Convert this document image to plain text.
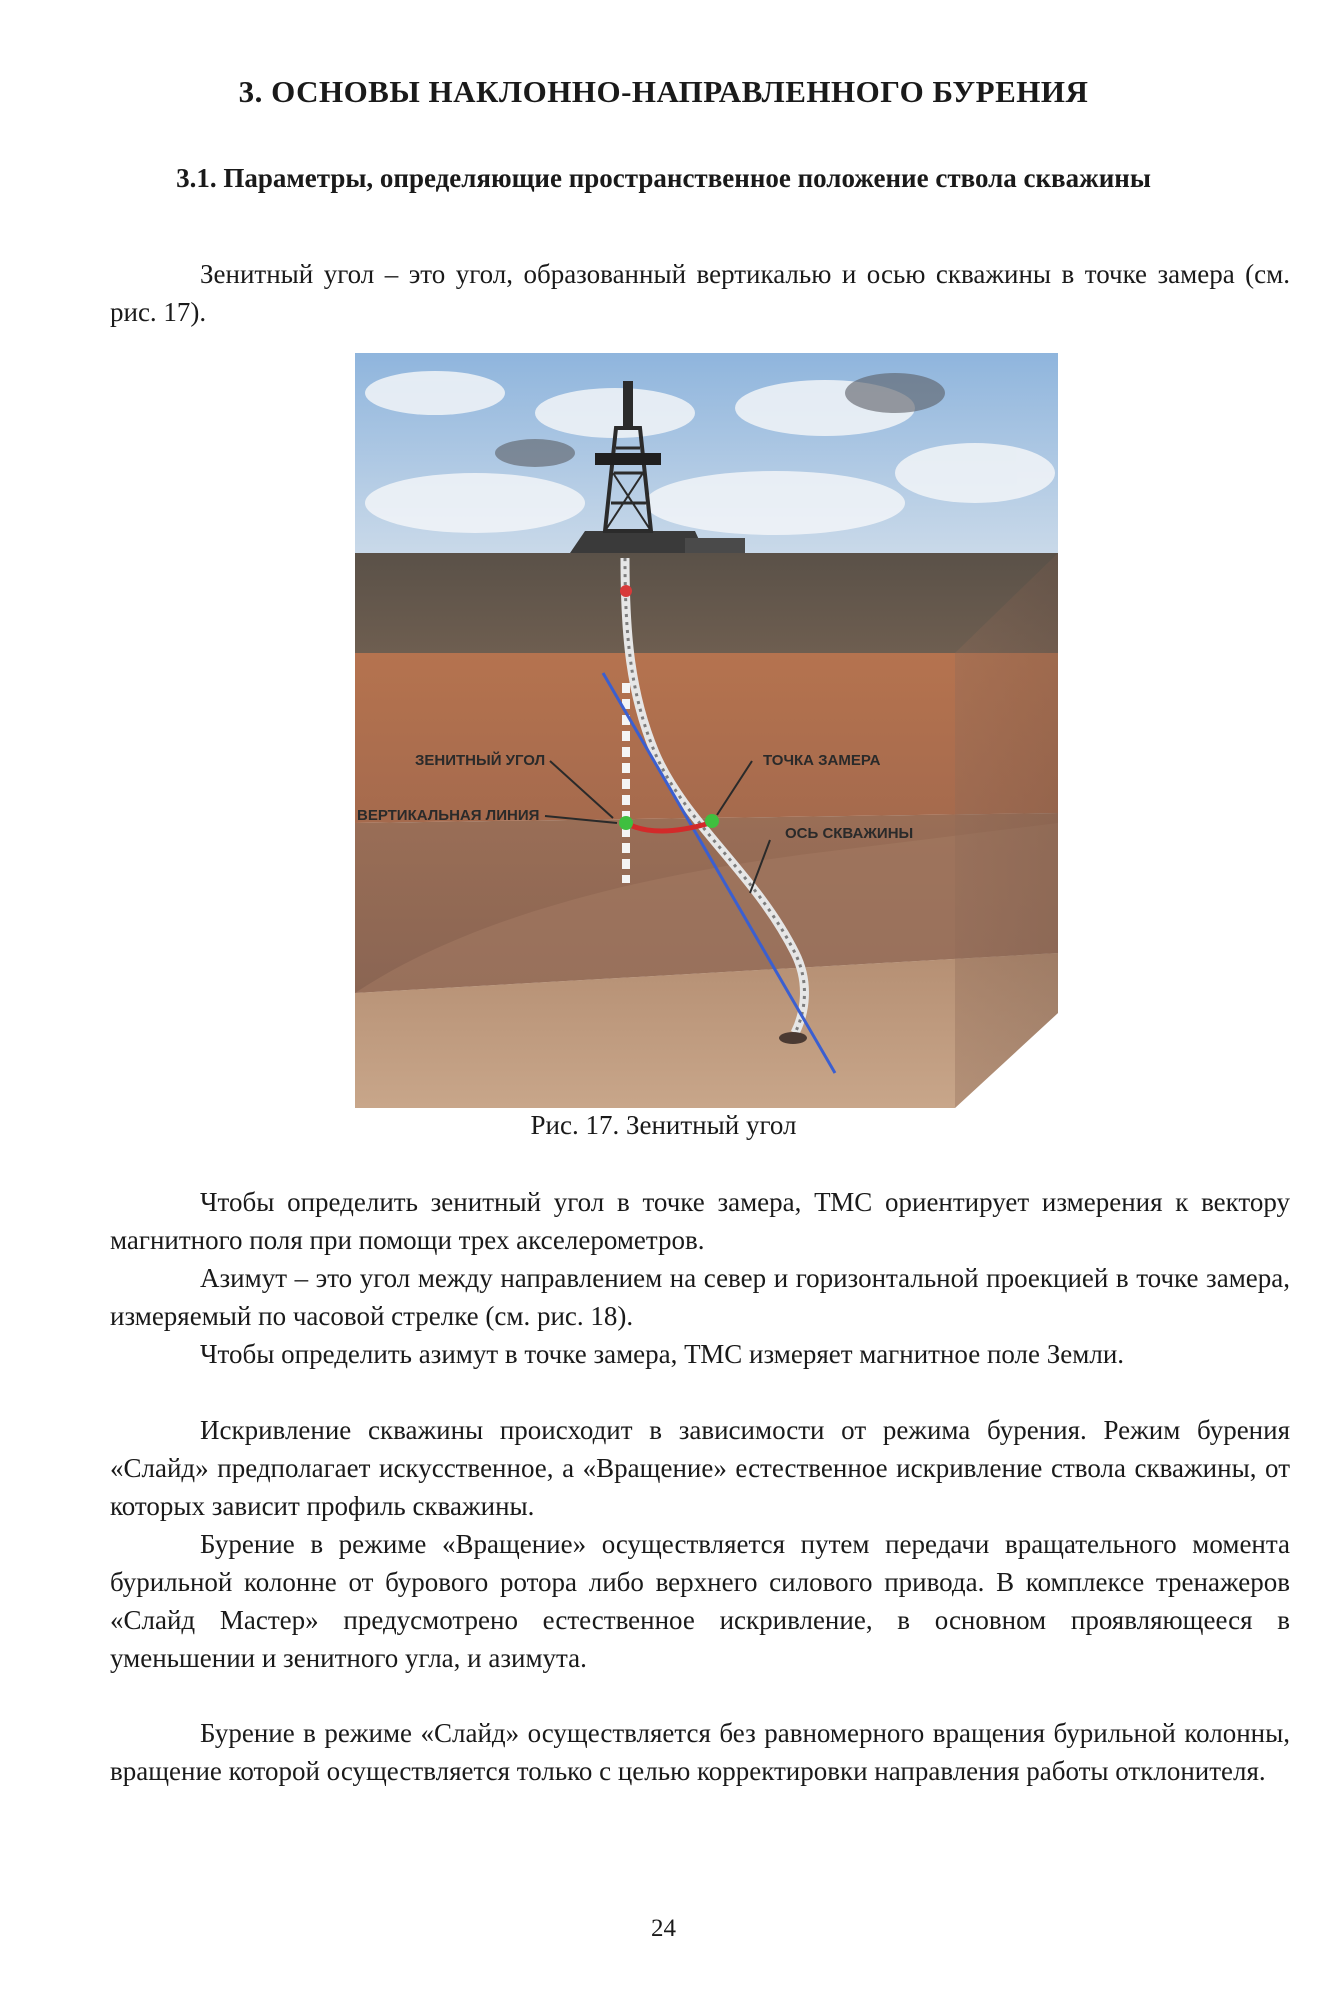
3. ОСНОВЫ НАКЛОННО-НАПРАВЛЕННОГО БУРЕНИЯ
3.1. Параметры, определяющие пространственное положение ствола скважины

Зенитный угол – это угол, образованный вертикалью и осью скважины в точке замера (см. рис. 17).

ЗЕНИТНЫЙ УГОЛ
ВЕРТИКАЛЬНАЯ ЛИНИЯ
ТОЧКА ЗАМЕРА
ОСЬ СКВАЖИНЫ
Рис. 17. Зенитный угол

Чтобы определить зенитный угол в точке замера, ТМС ориентирует измерения к вектору магнитного поля при помощи трех акселерометров.

Азимут – это угол между направлением на север и горизонтальной проекцией в точке замера, измеряемый по часовой стрелке (см. рис. 18).

Чтобы определить азимут в точке замера, ТМС измеряет магнитное поле Земли.

Искривление скважины происходит в зависимости от режима бурения. Режим бурения «Слайд» предполагает искусственное, а «Вращение» естественное искривление ствола скважины, от которых зависит профиль скважины.

Бурение в режиме «Вращение» осуществляется путем передачи вращательного момента бурильной колонне от бурового ротора либо верхнего силового привода. В комплексе тренажеров «Слайд Мастер» предусмотрено естественное искривление, в основном проявляющееся в уменьшении и зенитного угла, и азимута.

Бурение в режиме «Слайд» осуществляется без равномерного вращения бурильной колонны, вращение которой осуществляется только с целью корректировки направления работы отклонителя.

24
